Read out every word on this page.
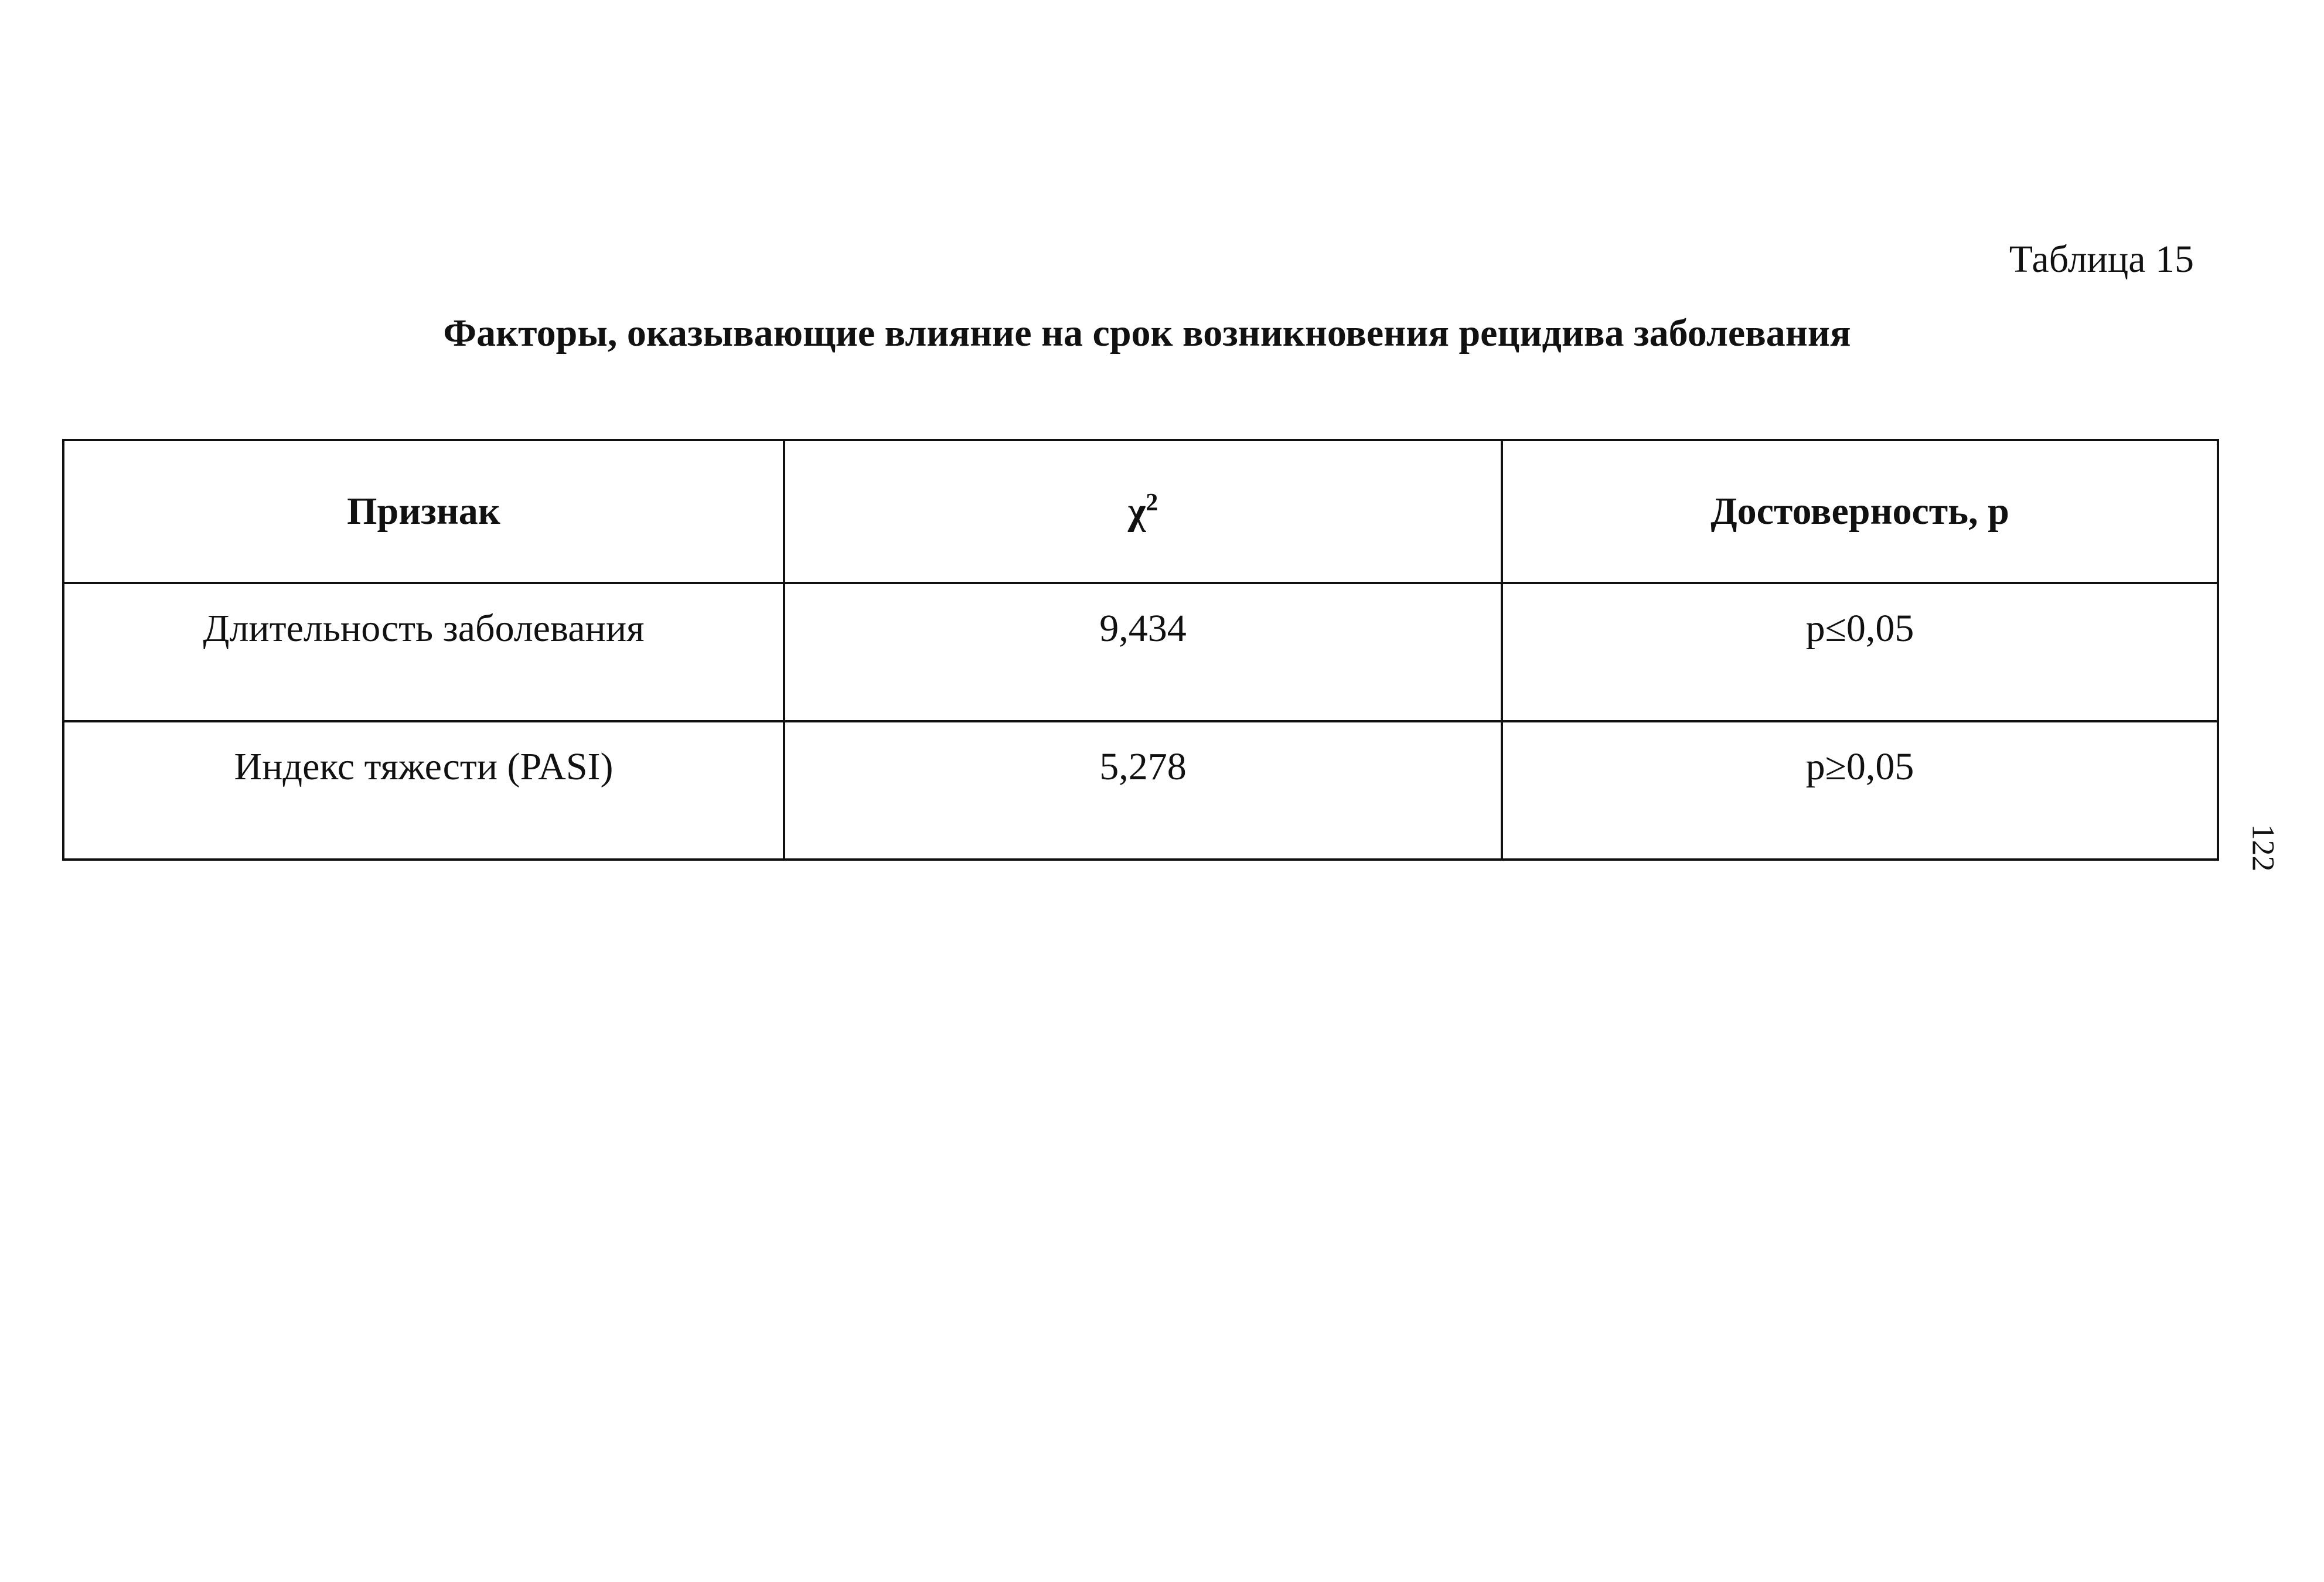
Таблица 15
Факторы, оказывающие влияние на срок возникновения рецидива заболевания
Признак	$\chi^2$	Достоверность, р
Длительность заболевания	9,434	р≤0,05
Индекс тяжести (PASI)	5,278	р≥0,05
122
